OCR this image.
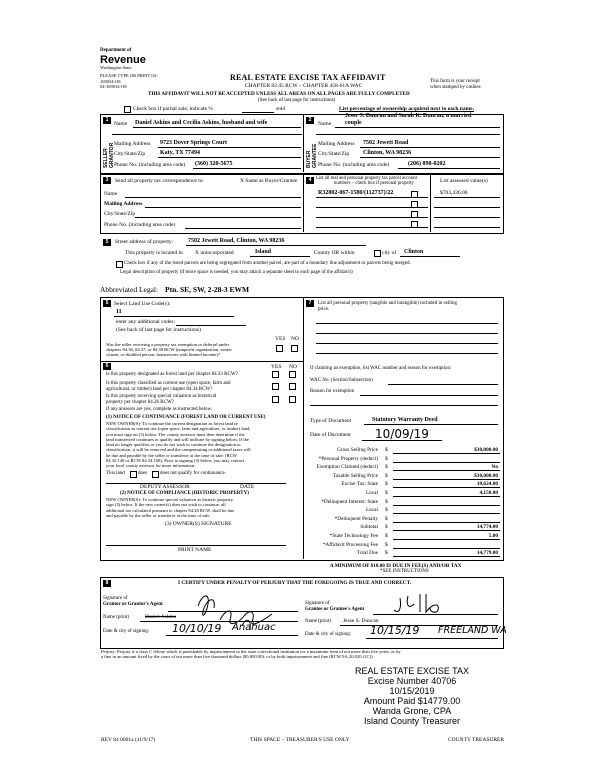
Department of
Revenue
Washington State
PLEASE TYPE OR PRINT 04-
169034-OE
04-169034-OE
REAL ESTATE EXCISE TAX AFFIDAVIT
CHAPTER 82.45 RCW – CHAPTER 458-61A WAC
This form is your receipt
when stamped by cashier.
THIS AFFIDAVIT WILL NOT BE ACCEPTED UNLESS ALL AREAS ON ALL PAGES ARE FULLY COMPLETED
(See back of last page for instructions)
Check box if partial sale, indicate %	sold	List percentage of ownership acquired next to each name.
1	2
SELLER GRANTOR	BUYER GRANTEE
Name Daniel Askins and Cecilia Askins, husband and wife
Mailing Address 9723 Dover Springs Court
City/State/Zip Katy, TX 77494
Phone No. (including area code) (360) 320-5675
Jesse S. Duncan and Sarah K. Duncan, a married
Name couple
Mailing Address 7502 Jewett Road
City/State/Zip Clinton, WA 98236
Phone No. (including area code)	(206) 898-0202
3	Send all property tax correspondence to:	X Same as Buyer/Grantee
Name
Mailing Address
City/State/Zip
Phone No. (including area code)
4 List all real and personal property tax parcel account
numbers – check box if personal property
R32802-067-1580/(112737)/22
List assessed value(s)
$703,436.00
5	Street address of property: 7502 Jewett Road, Clinton, WA 98236
This property is located in X unincorporated	Island	County OR within	city of Clinton
Check box if any of the listed parcels are being segregated from another parcel, are part of a boundary line adjustment or parcels being merged.
Legal description of property (if more space is needed, you may attach a separate sheet to each page of the affidavit)
Abbreviated Legal: Ptn. SE, SW, 2-28-3 EWM
5	Select Land Use Code(s):
11
enter any additional codes:
(See back of last page for instructions)
YES NO
Was the seller receiving a property tax exemption or deferral under
chapters 84.36, 84.37, or 84.38 RCW (nonprofit organization, senior
citizen, or disabled person, homeowner with limited income)?
6	YES NO
Is this property designated as forest land per chapter 84.33 RCW?
Is this property classified as current use (open space, farm and
agricultural, or timber) land per chapter 84.34 RCW?
Is this property receiving special valuation as historical
property per chapter 84.26 RCW?
If any answers are yes, complete as instructed below.
(1) NOTICE OF CONTINUANCE (FOREST LAND OR CURRENT USE)
NEW OWNER(S): To continue the current designation as forest land or
classification as current use (open space, farm and agriculture, or timber) land,
you must sign on (3) below. The county assessor must then determine if the
land transferred continues to qualify and will indicate by signing below. If the
land no longer qualifies or you do not wish to continue the designation or
classification, it will be removed and the compensating or additional taxes will
be due and payable by the seller or transferor at the time of sale. (RCW
84.33.140 or RCW 84.34.108). Prior to signing (3) below, you may contact
your local county assessor for more information.
This land	does	does not qualify for continuance.
DEPUTY ASSESSOR	DATE
(2) NOTICE OF COMPLIANCE (HISTORIC PROPERTY)
NEW OWNER(S): To continue special valuation as historic property,
sign (3) below. If the new owner(s) does not wish to continue, all
additional tax calculated pursuant to chapter 84.26 RCW, shall be due
and payable by the seller or transferor at the time of sale.
(3) OWNER(S) SIGNATURE
PRINT NAME
7	List all personal property (tangible and intangible) included in selling
price.
If claiming an exemption, list WAC number and reason for exemption:
WAC No. (Section/Subsection)
Reason for exemption
Type of Document	Statutory Warranty Deed
Date of Document 10/09/19
Gross Selling Price $	$30,000.00
*Personal Property (deduct) $
Exemption Claimed (deduct) $	No
Taxable Selling Price $	$30,000.00
Excise Tax: State $	10,624.00
Local $	4,150.00
*Delinquent Interest: State $
Local $
*Delinquent Penalty $
Subtotal $	14,774.00
*State Technology Fee $	5.00
*Affidavit Processing Fee $
Total Due $	14,779.00
A MINIMUM OF $10.00 IS DUE IN FEE(S) AND/OR TAX
*SEE INSTRUCTIONS
8	I CERTIFY UNDER PENALTY OF PERJURY THAT THE FOREGOING IS TRUE AND CORRECT.
Signature of
Grantor or Grantor's Agent
Name (print)	Daniel Askins
Date & city of signing: 10/10/19 Anahuac
Signature of
Grantee or Grantee's Agent
Name (print) Jesse S. Duncan
Date & city of signing: 10/15/19 FREELAND WA
Perjury: Perjury is a class C felony which is punishable by imprisonment in the state correctional institution for a maximum term of not more than five years, or by
a fine in an amount fixed by the court of not more than five thousand dollars ($5,000.00), or by both imprisonment and fine (RCW 9A.20.020 (1C)).
REAL ESTATE EXCISE TAX
Excise Number 40706
10/15/2019
Amount Paid $14779.00
Wanda Grone, CPA
Island County Treasurer
REV 84 0001a (11/9/17)	THIS SPACE – TREASURER'S USE ONLY	COUNTY TREASURER
